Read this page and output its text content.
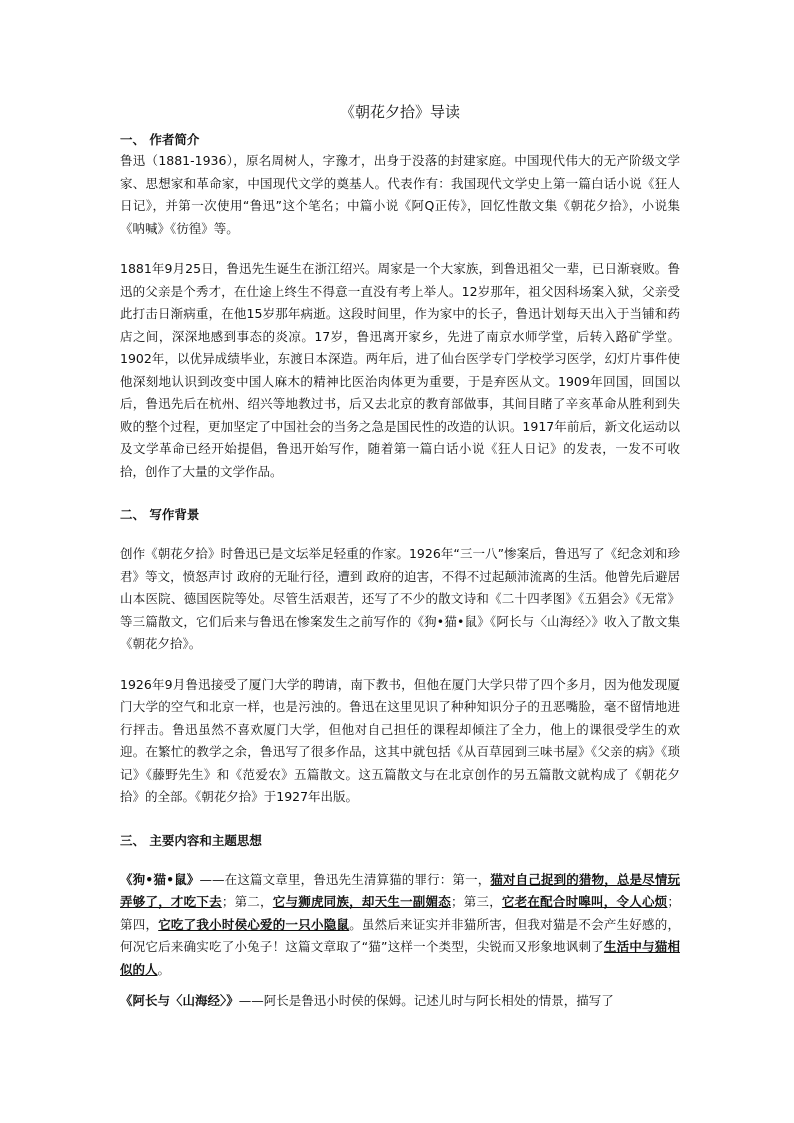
《朝花夕拾》导读

一、 作者简介

鲁迅（1881-1936），原名周树人，字豫才，出身于没落的封建家庭。中国现代伟大的无产阶级文学家、思想家和革命家，中国现代文学的奠基人。代表作有：我国现代文学史上第一篇白话小说《狂人日记》，并第一次使用“鲁迅”这个笔名；中篇小说《阿Q正传》，回忆性散文集《朝花夕拾》，小说集《呐喊》《彷徨》等。

1881年9月25日，鲁迅先生诞生在浙江绍兴。周家是一个大家族，到鲁迅祖父一辈，已日渐衰败。鲁迅的父亲是个秀才，在仕途上终生不得意一直没有考上举人。12岁那年，祖父因科场案入狱，父亲受此打击日渐病重，在他15岁那年病逝。这段时间里，作为家中的长子，鲁迅计划每天出入于当铺和药店之间，深深地感到事态的炎凉。17岁，鲁迅离开家乡，先进了南京水师学堂，后转入路矿学堂。1902年，以优异成绩毕业，东渡日本深造。两年后，进了仙台医学专门学校学习医学，幻灯片事件使他深刻地认识到改变中国人麻木的精神比医治肉体更为重要，于是弃医从文。1909年回国，回国以后，鲁迅先后在杭州、绍兴等地教过书，后又去北京的教育部做事，其间目睹了辛亥革命从胜利到失败的整个过程，更加坚定了中国社会的当务之急是国民性的改造的认识。1917年前后，新文化运动以及文学革命已经开始提倡，鲁迅开始写作，随着第一篇白话小说《狂人日记》的发表，一发不可收拾，创作了大量的文学作品。

二、 写作背景

创作《朝花夕拾》时鲁迅已是文坛举足轻重的作家。1926年“三一八”惨案后，鲁迅写了《纪念刘和珍君》等文，愤怒声讨 政府的无耻行径，遭到 政府的迫害，不得不过起颠沛流离的生活。他曾先后避居山本医院、德国医院等处。尽管生活艰苦，还写了不少的散文诗和《二十四孝图》《五猖会》《无常》等三篇散文，它们后来与鲁迅在惨案发生之前写作的《狗•猫•鼠》《阿长与〈山海经〉》收入了散文集《朝花夕拾》。

1926年9月鲁迅接受了厦门大学的聘请，南下教书，但他在厦门大学只带了四个多月，因为他发现厦门大学的空气和北京一样，也是污浊的。鲁迅在这里见识了种种知识分子的丑恶嘴脸，毫不留情地进行抨击。鲁迅虽然不喜欢厦门大学，但他对自己担任的课程却倾注了全力，他上的课很受学生的欢迎。在繁忙的教学之余，鲁迅写了很多作品，这其中就包括《从百草园到三味书屋》《父亲的病》《琐记》《藤野先生》和《范爱农》五篇散文。这五篇散文与在北京创作的另五篇散文就构成了《朝花夕拾》的全部。《朝花夕拾》于1927年出版。

三、 主要内容和主题思想

《狗•猫•鼠》——在这篇文章里，鲁迅先生清算猫的罪行：第一，猫对自己捉到的猎物，总是尽情玩弄够了，才吃下去；第二，它与狮虎同族，却天生一副媚态；第三，它老在配合时嗥叫，令人心烦；第四，它吃了我小时侯心爱的一只小隐鼠。虽然后来证实并非猫所害，但我对猫是不会产生好感的，何况它后来确实吃了小兔子！这篇文章取了“猫”这样一个类型，尖锐而又形象地讽刺了生活中与猫相似的人。

《阿长与〈山海经〉》——阿长是鲁迅小时侯的保姆。记述儿时与阿长相处的情景，描写了
